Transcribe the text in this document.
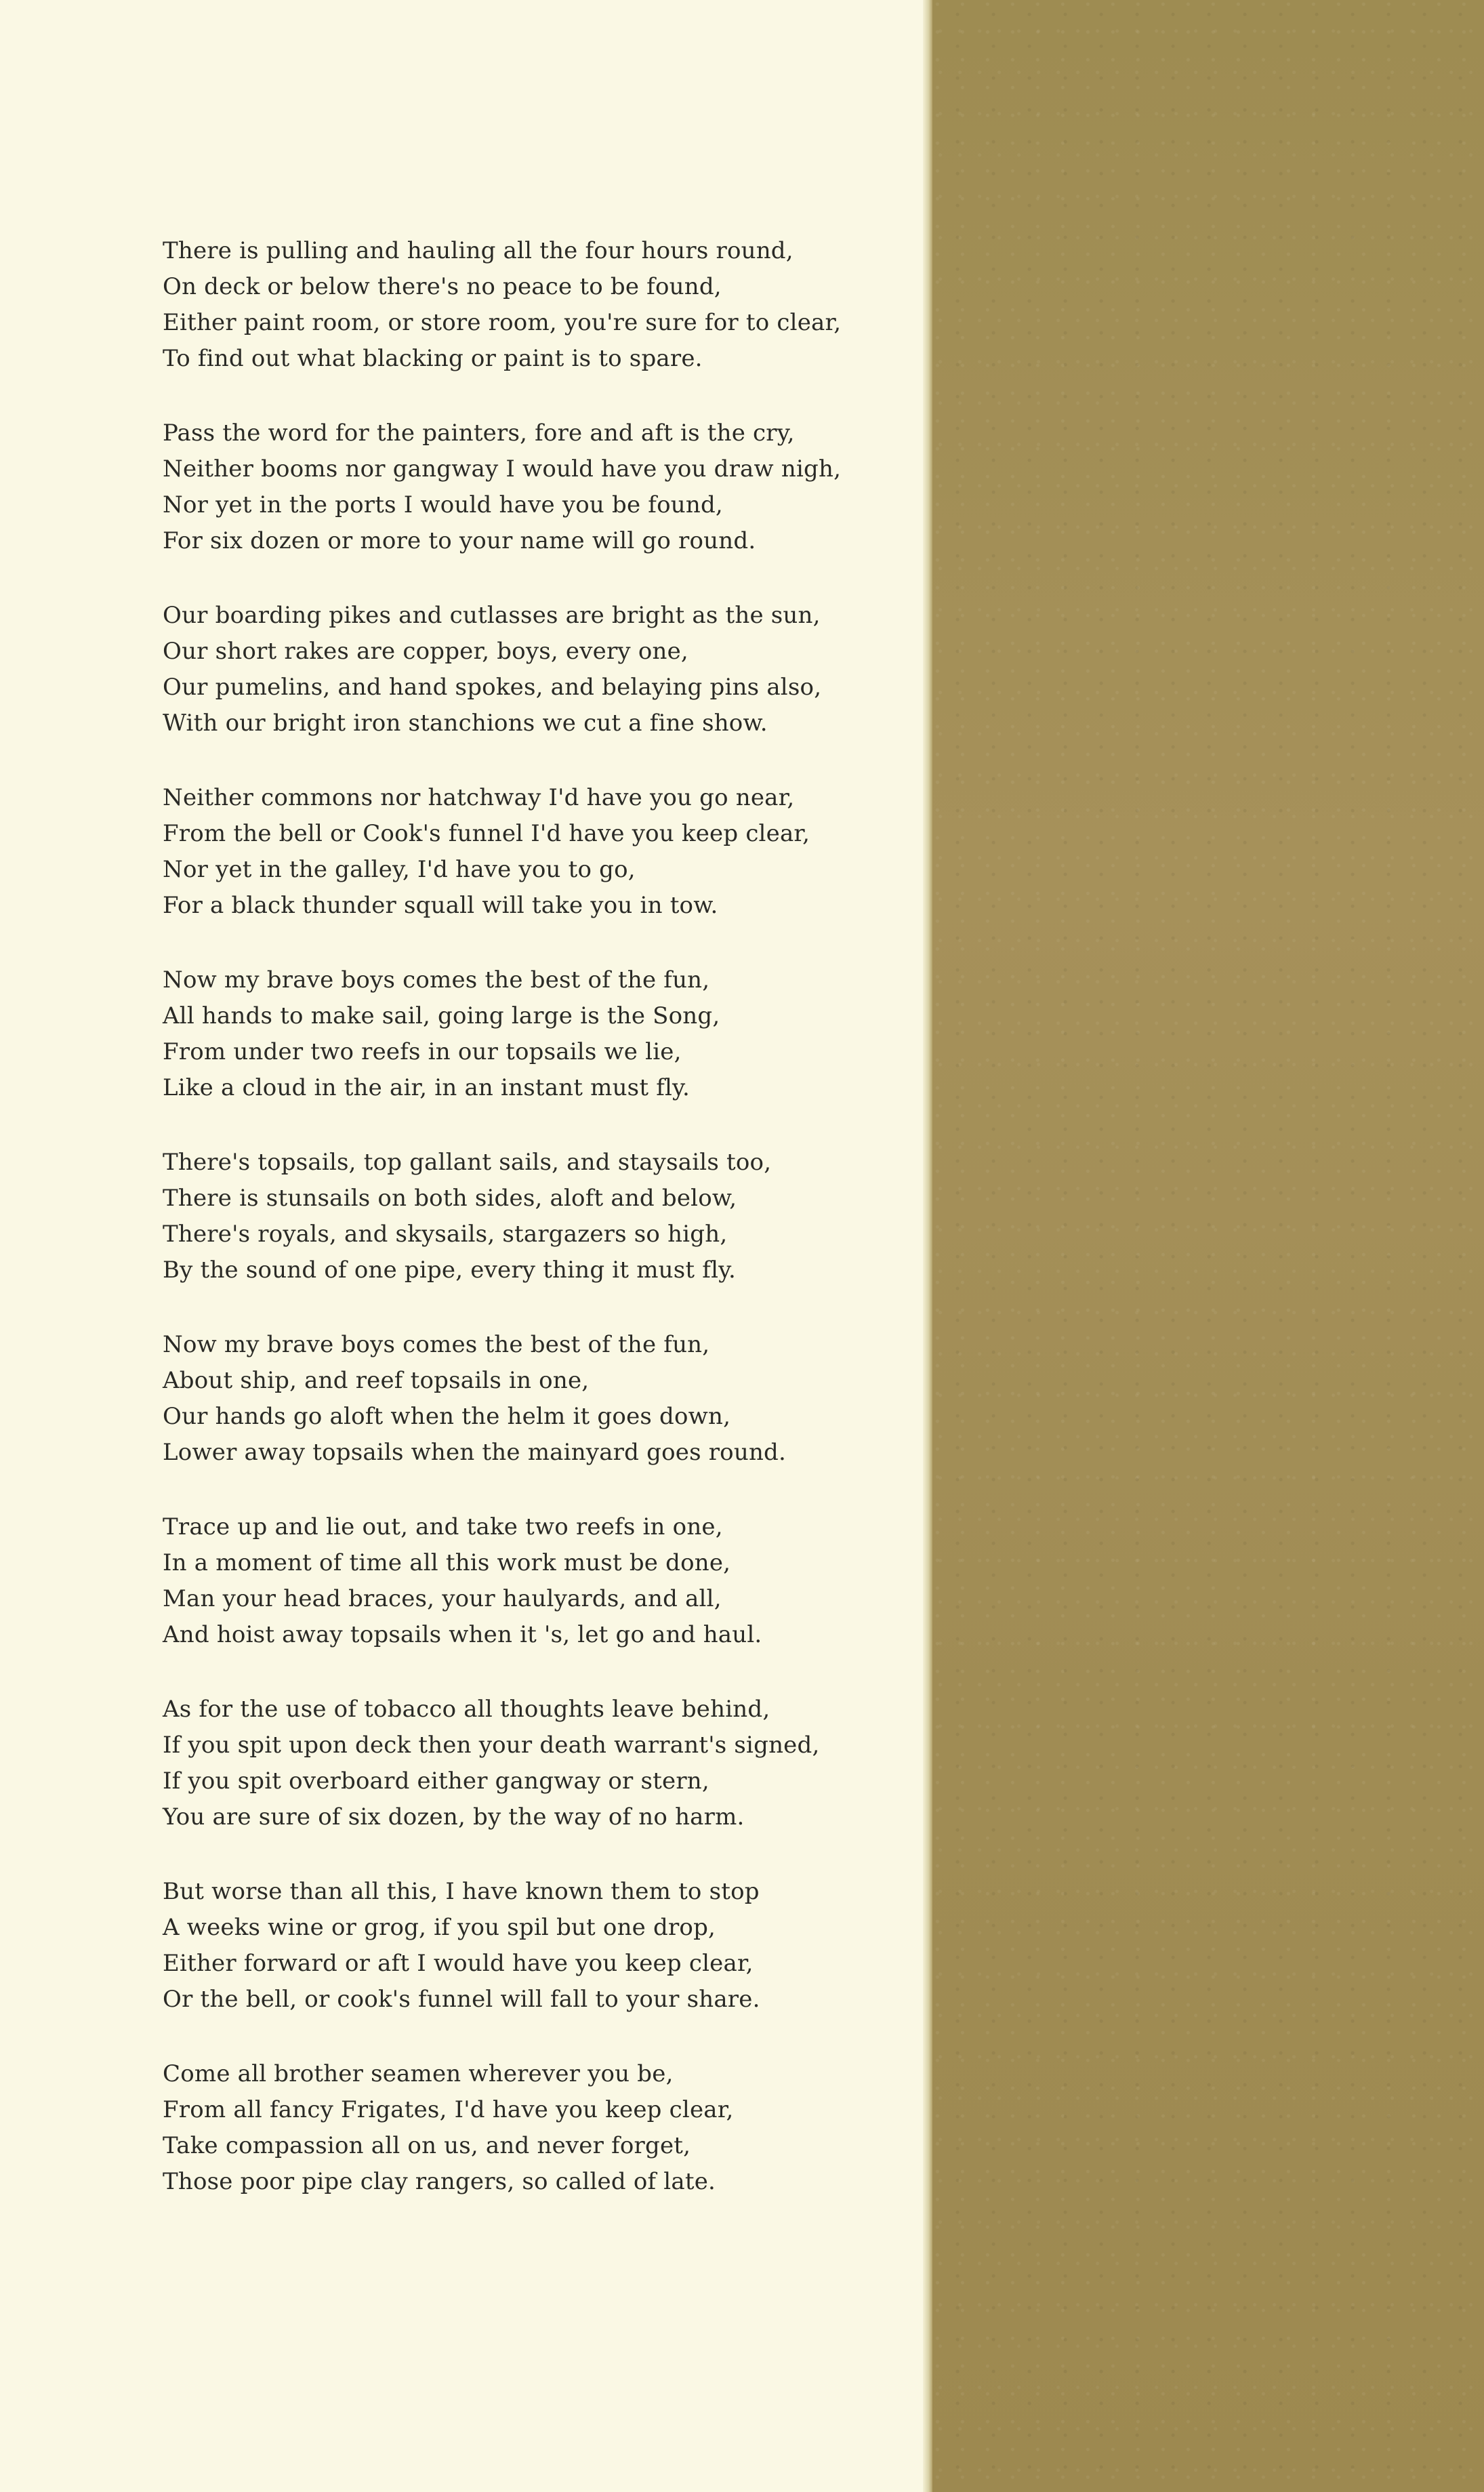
There is pulling and hauling all the four hours round,
On deck or below there's no peace to be found,
Either paint room, or store room, you're sure for to clear,
To find out what blacking or paint is to spare.
Pass the word for the painters, fore and aft is the cry,
Neither booms nor gangway I would have you draw nigh,
Nor yet in the ports I would have you be found,
For six dozen or more to your name will go round.
Our boarding pikes and cutlasses are bright as the sun,
Our short rakes are copper, boys, every one,
Our pumelins, and hand spokes, and belaying pins also,
With our bright iron stanchions we cut a fine show.
Neither commons nor hatchway I'd have you go near,
From the bell or Cook's funnel I'd have you keep clear,
Nor yet in the galley, I'd have you to go,
For a black thunder squall will take you in tow.
Now my brave boys comes the best of the fun,
All hands to make sail, going large is the Song,
From under two reefs in our topsails we lie,
Like a cloud in the air, in an instant must fly.
There's topsails, top gallant sails, and staysails too,
There is stunsails on both sides, aloft and below,
There's royals, and skysails, stargazers so high,
By the sound of one pipe, every thing it must fly.
Now my brave boys comes the best of the fun,
About ship, and reef topsails in one,
Our hands go aloft when the helm it goes down,
Lower away topsails when the mainyard goes round.
Trace up and lie out, and take two reefs in one,
In a moment of time all this work must be done,
Man your head braces, your haulyards, and all,
And hoist away topsails when it 's, let go and haul.
As for the use of tobacco all thoughts leave behind,
If you spit upon deck then your death warrant's signed,
If you spit overboard either gangway or stern,
You are sure of six dozen, by the way of no harm.
But worse than all this, I have known them to stop
A weeks wine or grog, if you spil but one drop,
Either forward or aft I would have you keep clear,
Or the bell, or cook's funnel will fall to your share.
Come all brother seamen wherever you be,
From all fancy Frigates, I'd have you keep clear,
Take compassion all on us, and never forget,
Those poor pipe clay rangers, so called of late.
